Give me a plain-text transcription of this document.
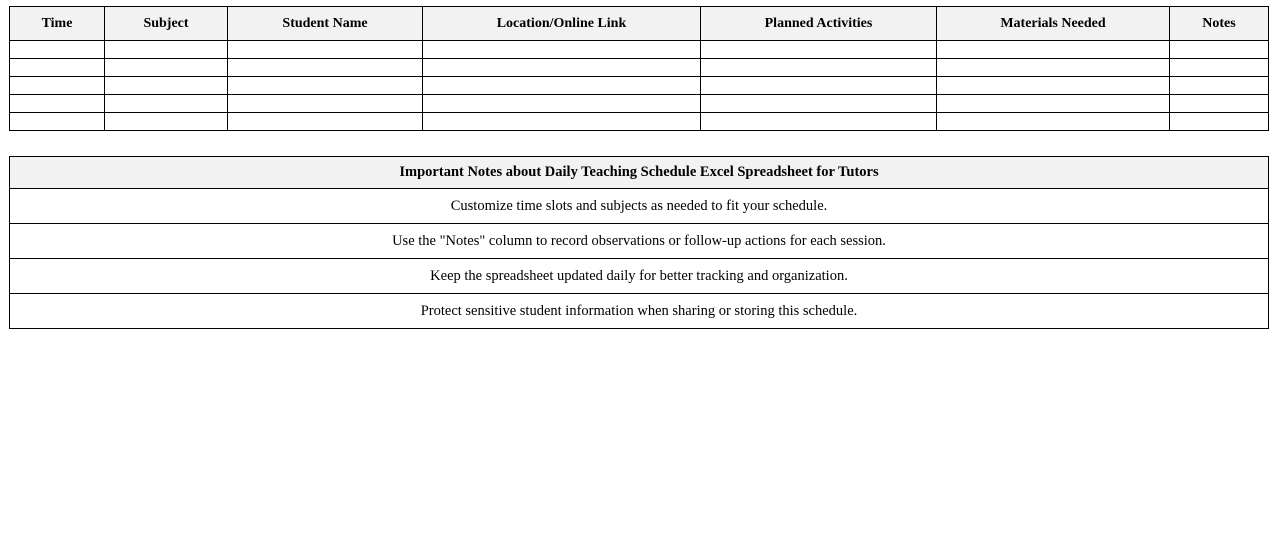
Time	Subject	Student Name	Location/Online Link	Planned Activities	Materials Needed	Notes

Important Notes about Daily Teaching Schedule Excel Spreadsheet for Tutors
Customize time slots and subjects as needed to fit your schedule.
Use the "Notes" column to record observations or follow-up actions for each session.
Keep the spreadsheet updated daily for better tracking and organization.
Protect sensitive student information when sharing or storing this schedule.
